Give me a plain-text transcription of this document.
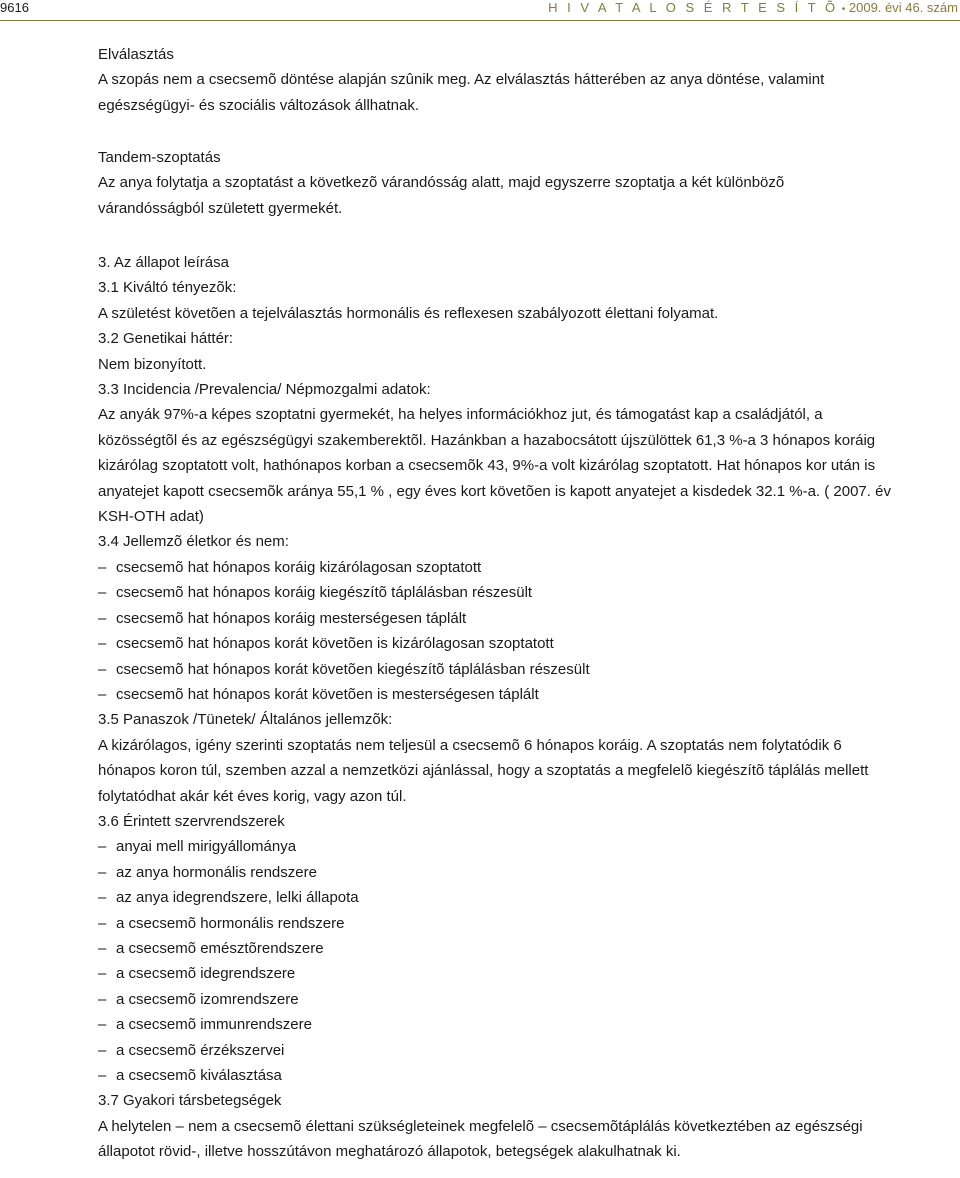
9616	H I V A T A L O S É R T E S Í T Õ • 2009. évi 46. szám
Elválasztás

A szopás nem a csecsemõ döntése alapján szûnik meg. Az elválasztás hátterében az anya döntése, valamint

egészségügyi- és szociális változások állhatnak.

Tandem-szoptatás

Az anya folytatja a szoptatást a következõ várandósság alatt, majd egyszerre szoptatja a két különbözõ

várandósságból született gyermekét.

3. Az állapot leírása
3.1 Kiváltó tényezõk:

A születést követõen a tejelválasztás hormonális és reflexesen szabályozott élettani folyamat.

3.2 Genetikai háttér:

Nem bizonyított.

3.3 Incidencia /Prevalencia/ Népmozgalmi adatok:

Az anyák 97%-a képes szoptatni gyermekét, ha helyes információkhoz jut, és támogatást kap a családjától, a

közösségtõl és az egészségügyi szakemberektõl. Hazánkban a hazabocsátott újszülöttek 61,3 %-a 3 hónapos koráig

kizárólag szoptatott volt, hathónapos korban a csecsemõk 43, 9%-a volt kizárólag szoptatott. Hat hónapos kor után is

anyatejet kapott csecsemõk aránya 55,1 % , egy éves kort követõen is kapott anyatejet a kisdedek 32.1 %-a. ( 2007. év

KSH-OTH adat)

3.4 Jellemzõ életkor és nem:
– csecsemõ hat hónapos koráig kizárólagosan szoptatott
– csecsemõ hat hónapos koráig kiegészítõ táplálásban részesült
– csecsemõ hat hónapos koráig mesterségesen táplált
– csecsemõ hat hónapos korát követõen is kizárólagosan szoptatott
– csecsemõ hat hónapos korát követõen kiegészítõ táplálásban részesült
– csecsemõ hat hónapos korát követõen is mesterségesen táplált
3.5 Panaszok /Tünetek/ Általános jellemzõk:

A kizárólagos, igény szerinti szoptatás nem teljesül a csecsemõ 6 hónapos koráig. A szoptatás nem folytatódik 6

hónapos koron túl, szemben azzal a nemzetközi ajánlással, hogy a szoptatás a megfelelõ kiegészítõ táplálás mellett

folytatódhat akár két éves korig, vagy azon túl.

3.6 Érintett szervrendszerek
– anyai mell mirigyállománya
– az anya hormonális rendszere
– az anya idegrendszere, lelki állapota
– a csecsemõ hormonális rendszere
– a csecsemõ emésztõrendszere
– a csecsemõ idegrendszere
– a csecsemõ izomrendszere
– a csecsemõ immunrendszere
– a csecsemõ érzékszervei
– a csecsemõ kiválasztása
3.7 Gyakori társbetegségek

A helytelen – nem a csecsemõ élettani szükségleteinek megfelelõ – csecsemõtáplálás következtében az egészségi

állapotot rövid-, illetve hosszútávon meghatározó állapotok, betegségek alakulhatnak ki.
